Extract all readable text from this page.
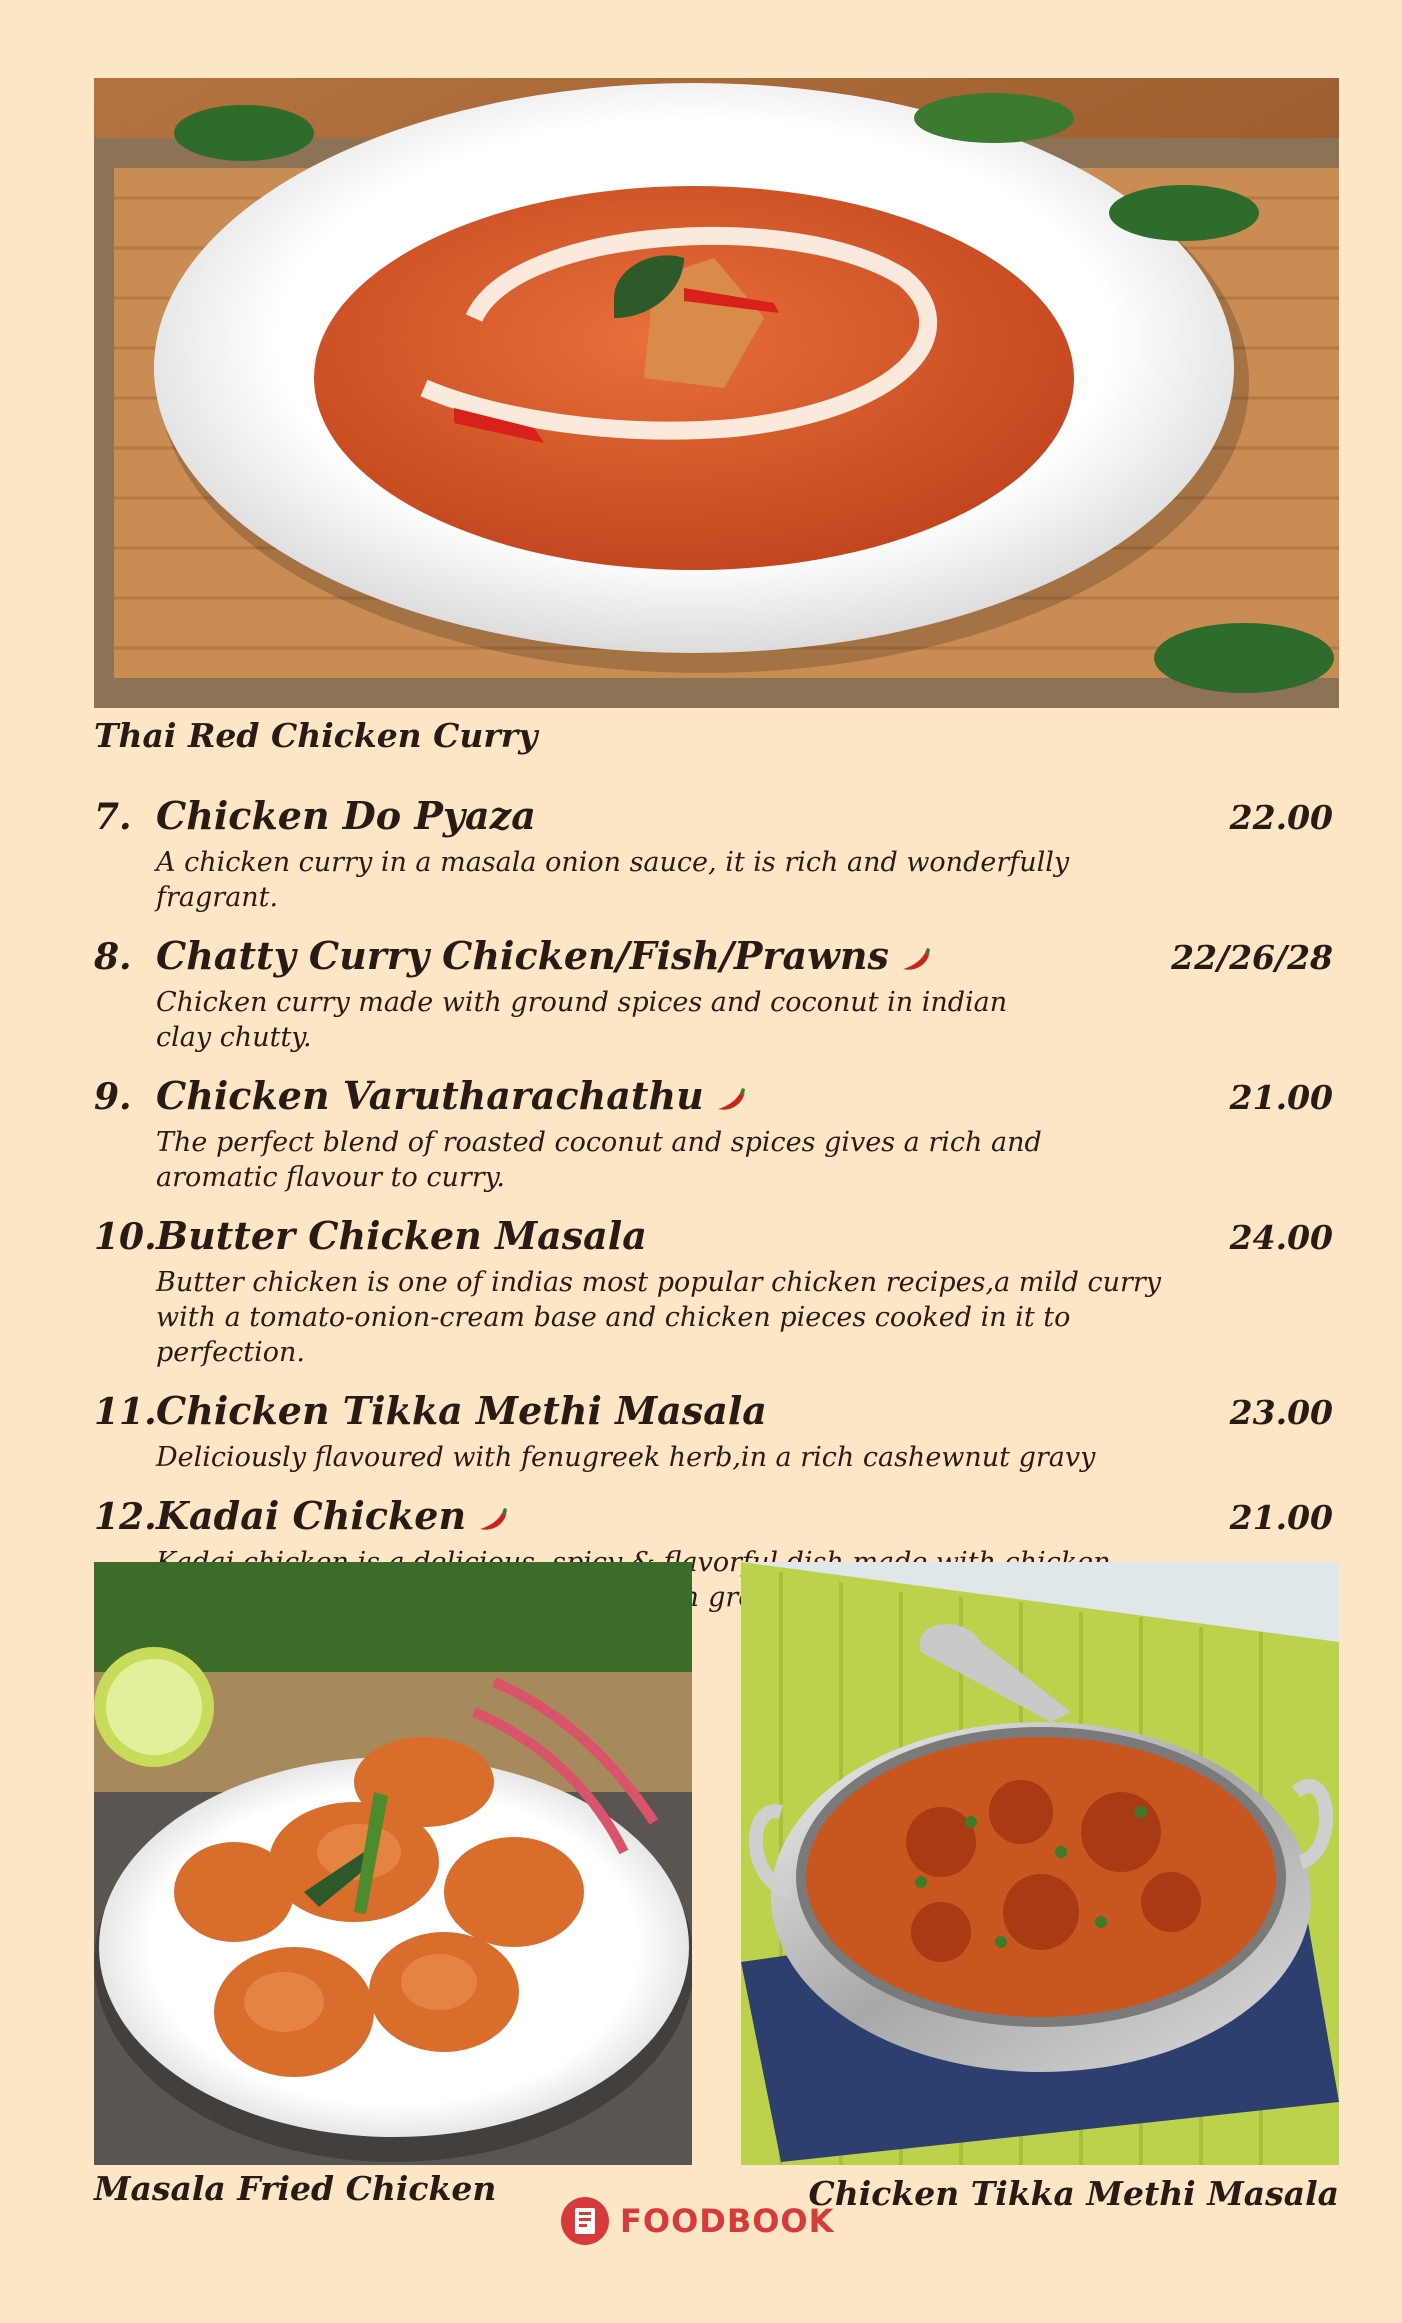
Thai Red Chicken Curry
7. Chicken Do Pyaza	22.00
A chicken curry in a masala onion sauce, it is rich and wonderfully
fragrant.
8. Chatty Curry Chicken/Fish/Prawns	22/26/28
Chicken curry made with ground spices and coconut in indian
clay chutty.
9. Chicken Varutharachathu	21.00
The perfect blend of roasted coconut and spices gives a rich and
aromatic flavour to curry.
10. Butter Chicken Masala	24.00
Butter chicken is one of indias most popular chicken recipes,a mild curry
with a tomato-onion-cream base and chicken pieces cooked in it to perfection.
11. Chicken Tikka Methi Masala	23.00
Deliciously flavoured with fenugreek herb,in a rich cashewnut gravy
12. Kadai Chicken	21.00
flavorful
Masala Fried Chicken	Chicken Tikka Methi Masala
FOODBOOK
